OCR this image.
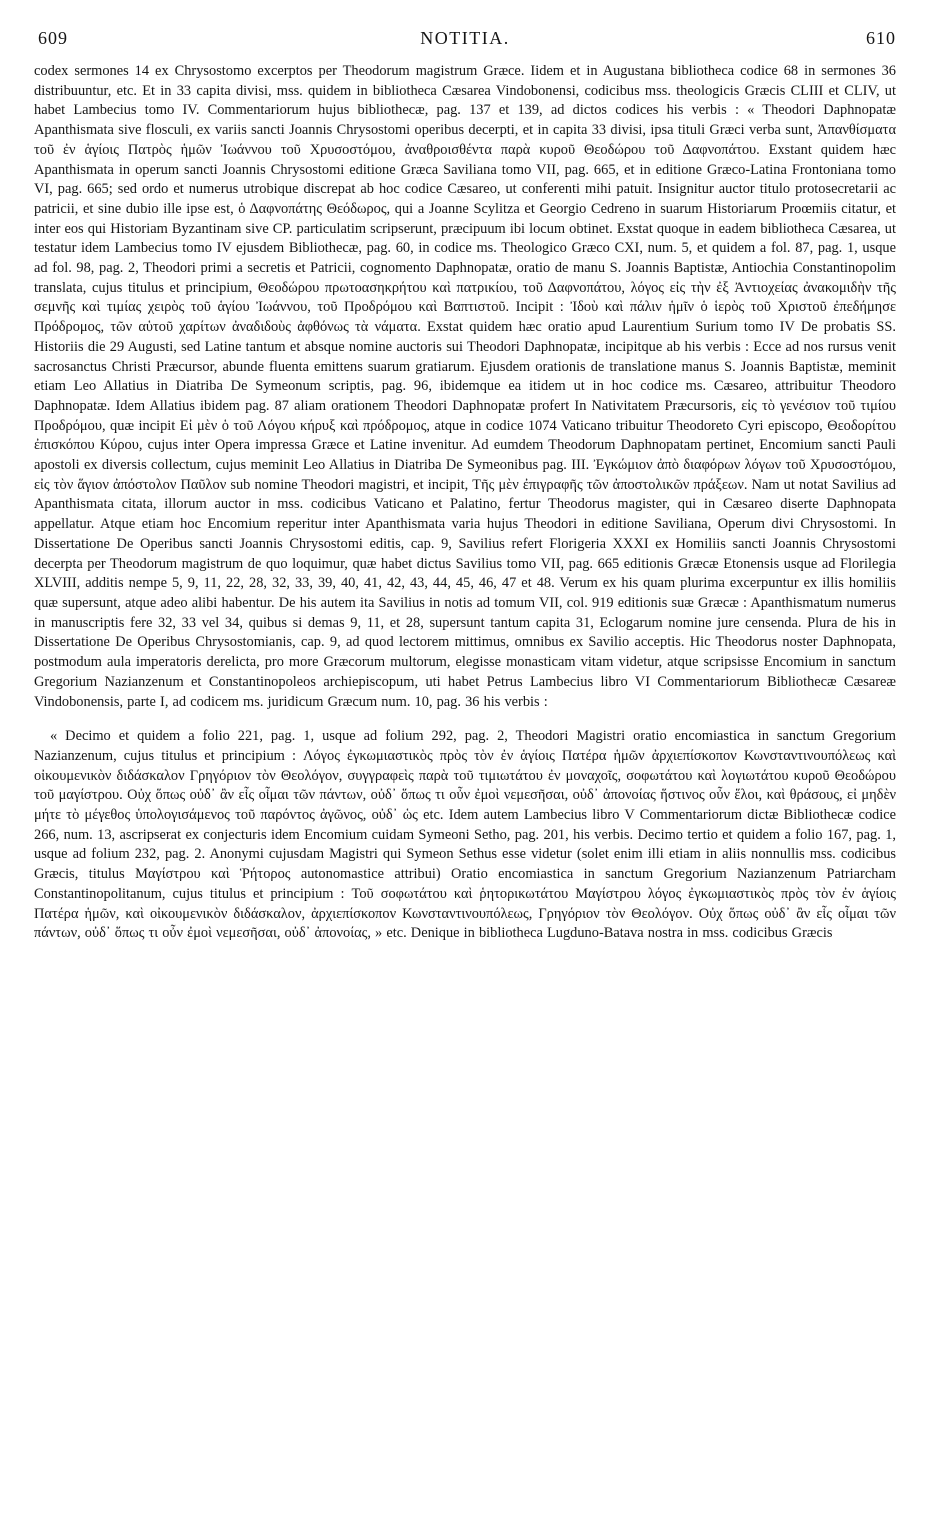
609	NOTITIA.	610

codex sermones 14 ex Chrysostomo excerptos per Theodorum magistrum Græce. Iidem et in Augustana bibliotheca codice 68 in sermones 36 distribuuntur, etc. Et in 33 capita divisi, mss. quidem in bibliotheca Cæsarea Vindobonensi, codicibus mss. theologicis Græcis CLIII et CLIV, ut habet Lambecius tomo IV. Commentariorum hujus bibliothecæ, pag. 137 et 139, ad dictos codices his verbis : « Theodori Daphnopatæ Apanthismata sive flosculi, ex variis sancti Joannis Chrysostomi operibus decerpti, et in capita 33 divisi, ipsa tituli Græci verba sunt, Ἀπανθίσματα τοῦ ἐν ἁγίοις Πατρὸς ἡμῶν Ἰωάννου τοῦ Χρυσοστόμου, ἀναθροισθέντα παρὰ κυροῦ Θεοδώρου τοῦ Δαφνοπάτου. Exstant quidem hæc Apanthismata in operum sancti Joannis Chrysostomi editione Græca Saviliana tomo VII, pag. 665, et in editione Græco-Latina Frontoniana tomo VI, pag. 665; sed ordo et numerus utrobique discrepat ab hoc codice Cæsareo, ut conferenti mihi patuit. Insignitur auctor titulo protosecretarii ac patricii, et sine dubio ille ipse est, ὁ Δαφνοπάτης Θεόδωρος, qui a Joanne Scylitza et Georgio Cedreno in suarum Historiarum Proœmiis citatur, et inter eos qui Historiam Byzantinam sive CP. particulatim scripserunt, præcipuum ibi locum obtinet. Exstat quoque in eadem bibliotheca Cæsarea, ut testatur idem Lambecius tomo IV ejusdem Bibliothecæ, pag. 60, in codice ms. Theologico Græco CXI, num. 5, et quidem a fol. 87, pag. 1, usque ad fol. 98, pag. 2, Theodori primi a secretis et Patricii, cognomento Daphnopatæ, oratio de manu S. Joannis Baptistæ, Antiochia Constantinopolim translata, cujus titulus et principium, Θεοδώρου πρωτοασηκρήτου καὶ πατρικίου, τοῦ Δαφνοπάτου, λόγος εἰς τὴν ἐξ Ἀντιοχείας ἀνακομιδὴν τῆς σεμνῆς καὶ τιμίας χειρὸς τοῦ ἁγίου Ἰωάννου, τοῦ Προδρόμου καὶ Βαπτιστοῦ. Incipit : Ἰδοὺ καὶ πάλιν ἡμῖν ὁ ἱερὸς τοῦ Χριστοῦ ἐπεδήμησε Πρόδρομος, τῶν αὑτοῦ χαρίτων ἀναδιδοὺς ἀφθόνως τὰ νάματα. Exstat quidem hæc oratio apud Laurentium Surium tomo IV De probatis SS. Historiis die 29 Augusti, sed Latine tantum et absque nomine auctoris sui Theodori Daphnopatæ, incipitque ab his verbis : Ecce ad nos rursus venit sacrosanctus Christi Præcursor, abunde fluenta emittens suarum gratiarum. Ejusdem orationis de translatione manus S. Joannis Baptistæ, meminit etiam Leo Allatius in Diatriba De Symeonum scriptis, pag. 96, ibidemque ea itidem ut in hoc codice ms. Cæsareo, attribuitur Theodoro Daphnopatæ. Idem Allatius ibidem pag. 87 aliam orationem Theodori Daphnopatæ profert In Nativitatem Præcursoris, εἰς τὸ γενέσιον τοῦ τιμίου Προδρόμου, quæ incipit Εἰ μὲν ὁ τοῦ Λόγου κήρυξ καὶ πρόδρομος, atque in codice 1074 Vaticano tribuitur Theodoreto Cyri episcopo, Θεοδορίτου ἐπισκόπου Κύρου, cujus inter Opera impressa Græce et Latine invenitur. Ad eumdem Theodorum Daphnopatam pertinet, Encomium sancti Pauli apostoli ex diversis collectum, cujus meminit Leo Allatius in Diatriba De Symeonibus pag. III. Ἐγκώμιον ἀπὸ διαφόρων λόγων τοῦ Χρυσοστόμου, εἰς τὸν ἅγιον ἀπόστολον Παῦλον sub nomine Theodori magistri, et incipit, Τῆς μὲν ἐπιγραφῆς τῶν ἀποστολικῶν πράξεων. Nam ut notat Savilius ad Apanthismata citata, illorum auctor in mss. codicibus Vaticano et Palatino, fertur Theodorus magister, qui in Cæsareo diserte Daphnopata appellatur. Atque etiam hoc Encomium reperitur inter Apanthismata varia hujus Theodori in editione Saviliana, Operum divi Chrysostomi. In Dissertatione De Operibus sancti Joannis Chrysostomi editis, cap. 9, Savilius refert Florigeria XXXI ex Homiliis sancti Joannis Chrysostomi decerpta per Theodorum magistrum de quo loquimur, quæ habet dictus Savilius tomo VII, pag. 665 editionis Græcæ Etonensis usque ad Florilegia XLVIII, additis nempe 5, 9, 11, 22, 28, 32, 33, 39, 40, 41, 42, 43, 44, 45, 46, 47 et 48. Verum ex his quam plurima excerpuntur ex illis homiliis quæ supersunt, atque adeo alibi habentur. De his autem ita Savilius in notis ad tomum VII, col. 919 editionis suæ Græcæ : Apanthismatum numerus in manuscriptis fere 32, 33 vel 34, quibus si demas 9, 11, et 28, supersunt tantum capita 31, Eclogarum nomine jure censenda. Plura de his in Dissertatione De Operibus Chrysostomianis, cap. 9, ad quod lectorem mittimus, omnibus ex Savilio acceptis. Hic Theodorus noster Daphnopata, postmodum aula imperatoris derelicta, pro more Græcorum multorum, elegisse monasticam vitam videtur, atque scripsisse Encomium in sanctum Gregorium Nazianzenum et Constantinopoleos archiepiscopum, uti habet Petrus Lambecius libro VI Commentariorum Bibliothecæ Cæsareæ Vindobonensis, parte I, ad codicem ms. juridicum Græcum num. 10, pag. 36 his verbis :

« Decimo et quidem a folio 221, pag. 1, usque ad folium 292, pag. 2, Theodori Magistri oratio encomiastica in sanctum Gregorium Nazianzenum, cujus titulus et principium : Λόγος ἐγκωμιαστικὸς πρὸς τὸν ἐν ἁγίοις Πατέρα ἡμῶν ἀρχιεπίσκοπον Κωνσταντινουπόλεως καὶ οἰκουμενικὸν διδάσκαλον Γρηγόριον τὸν Θεολόγον, συγγραφεὶς παρὰ τοῦ τιμιωτάτου ἐν μοναχοῖς, σοφωτάτου καὶ λογιωτάτου κυροῦ Θεοδώρου τοῦ μαγίστρου. Οὐχ ὅπως οὐδ᾽ ἂν εἷς οἶμαι τῶν πάντων, οὐδ᾽ ὅπως τι οὖν ἐμοὶ νεμεσῆσαι, οὐδ᾽ ἀπονοίας ἥστινος οὖν ἕλοι, καὶ θράσους, εἰ μηδὲν μήτε τὸ μέγεθος ὑπολογισάμενος τοῦ παρόντος ἀγῶνος, οὐδ᾽ ὡς etc. Idem autem Lambecius libro V Commentariorum dictæ Bibliothecæ codice 266, num. 13, ascripserat ex conjecturis idem Encomium cuidam Symeoni Setho, pag. 201, his verbis. Decimo tertio et quidem a folio 167, pag. 1, usque ad folium 232, pag. 2. Anonymi cujusdam Magistri qui Symeon Sethus esse videtur (solet enim illi etiam in aliis nonnullis mss. codicibus Græcis, titulus Μαγίστρου καὶ Ῥήτορος autonomastice attribui) Oratio encomiastica in sanctum Gregorium Nazianzenum Patriarcham Constantinopolitanum, cujus titulus et principium : Τοῦ σοφωτάτου καὶ ῥητορικωτάτου Μαγίστρου λόγος ἐγκωμιαστικὸς πρὸς τὸν ἐν ἁγίοις Πατέρα ἡμῶν, καὶ οἰκουμενικὸν διδάσκαλον, ἀρχιεπίσκοπον Κωνσταντινουπόλεως, Γρηγόριον τὸν Θεολόγον. Οὐχ ὅπως οὐδ᾽ ἂν εἷς οἶμαι τῶν πάντων, οὐδ᾽ ὅπως τι οὖν ἐμοὶ νεμεσῆσαι, οὐδ᾽ ἀπονοίας, » etc. Denique in bibliotheca Lugduno-Batava nostra in mss. codicibus Græcis
